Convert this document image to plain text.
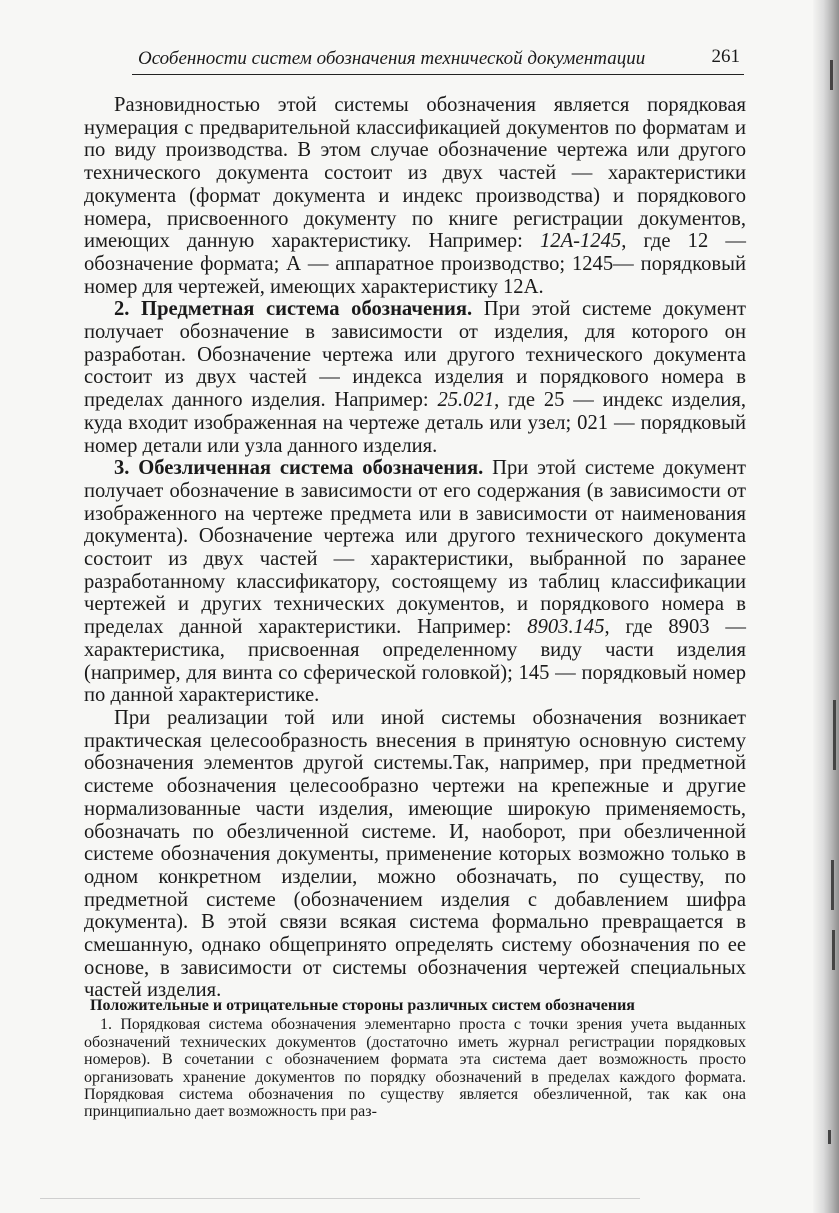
Особенности систем обозначения технической документации	261

Разновидностью этой системы обозначения является порядковая нумерация с предварительной классификацией документов по форматам и по виду производства. В этом случае обозначение чертежа или другого технического документа состоит из двух частей — характеристики документа (формат документа и индекс производства) и порядкового номера, присвоенного документу по книге регистрации документов, имеющих данную характеристику. Например: 12А-1245, где 12 — обозначение формата; А — аппаратное производство; 1245— порядковый номер для чертежей, имеющих характеристику 12А.

2. Предметная система обозначения. При этой системе документ получает обозначение в зависимости от изделия, для которого он разработан. Обозначение чертежа или другого технического документа состоит из двух частей — индекса изделия и порядкового номера в пределах данного изделия. Например: 25.021, где 25 — индекс изделия, куда входит изображенная на чертеже деталь или узел; 021 — порядковый номер детали или узла данного изделия.

3. Обезличенная система обозначения. При этой системе документ получает обозначение в зависимости от его содержания (в зависимости от изображенного на чертеже предмета или в зависимости от наименования документа). Обозначение чертежа или другого технического документа состоит из двух частей — характеристики, выбранной по заранее разработанному классификатору, состоящему из таблиц классификации чертежей и других технических документов, и порядкового номера в пределах данной характеристики. Например: 8903.145, где 8903 — характеристика, присвоенная определенному виду части изделия (например, для винта со сферической головкой); 145 — порядковый номер по данной характеристике.

При реализации той или иной системы обозначения возникает практическая целесообразность внесения в принятую основную систему обозначения элементов другой системы.Так, например, при предметной системе обозначения целесообразно чертежи на крепежные и другие нормализованные части изделия, имеющие широкую применяемость, обозначать по обезличенной системе. И, наоборот, при обезличенной системе обозначения документы, применение которых возможно только в одном конкретном изделии, можно обозначать, по существу, по предметной системе (обозначением изделия с добавлением шифра документа). В этой связи всякая система формально превращается в смешанную, однако общепринято определять систему обозначения по ее основе, в зависимости от системы обозначения чертежей специальных частей изделия.

Положительные и отрицательные стороны различных систем обозначения

1. Порядковая система обозначения элементарно проста с точки зрения учета выданных обозначений технических документов (достаточно иметь журнал регистрации порядковых номеров). В сочетании с обозначением формата эта система дает возможность просто организовать хранение документов по порядку обозначений в пределах каждого формата. Порядковая система обозначения по существу является обезличенной, так как она принципиально дает возможность при раз-
